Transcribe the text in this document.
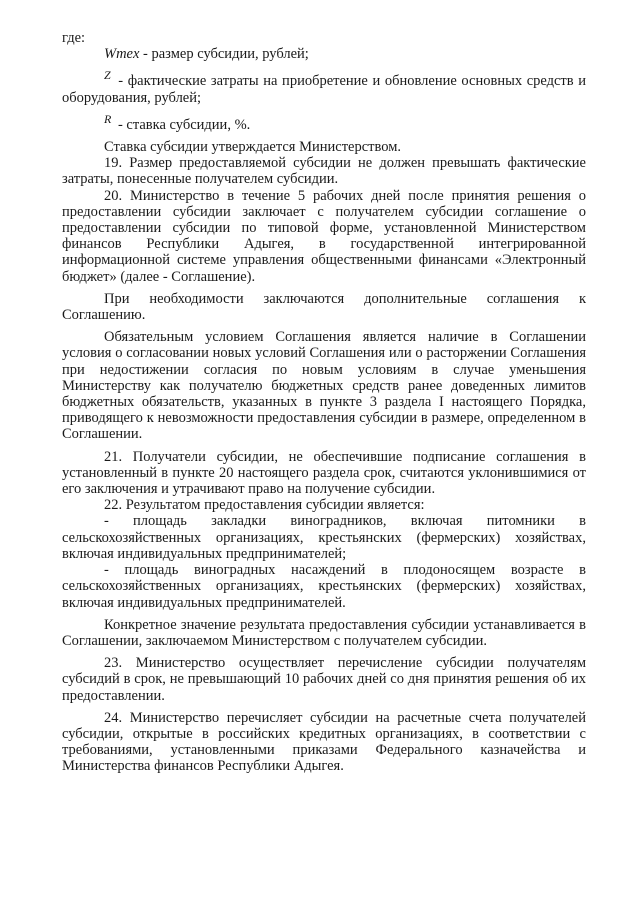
где:

Wmex - размер субсидии, рублей;

Z - фактические затраты на приобретение и обновление основных средств и оборудования, рублей;

R - ставка субсидии, %.

Ставка субсидии утверждается Министерством.

19. Размер предоставляемой субсидии не должен превышать фактические затраты, понесенные получателем субсидии.

20. Министерство в течение 5 рабочих дней после принятия решения о предоставлении субсидии заключает с получателем субсидии соглашение о предоставлении субсидии по типовой форме, установленной Министерством финансов Республики Адыгея, в государственной интегрированной информационной системе управления общественными финансами «Электронный бюджет» (далее - Соглашение).

При необходимости заключаются дополнительные соглашения к Соглашению.

Обязательным условием Соглашения является наличие в Соглашении условия о согласовании новых условий Соглашения или о расторжении Соглашения при недостижении согласия по новым условиям в случае уменьшения Министерству как получателю бюджетных средств ранее доведенных лимитов бюджетных обязательств, указанных в пункте 3 раздела I настоящего Порядка, приводящего к невозможности предоставления субсидии в размере, определенном в Соглашении.

21. Получатели субсидии, не обеспечившие подписание соглашения в установленный в пункте 20 настоящего раздела срок, считаются уклонившимися от его заключения и утрачивают право на получение субсидии.

22. Результатом предоставления субсидии является:

- площадь закладки виноградников, включая питомники в сельскохозяйственных организациях, крестьянских (фермерских) хозяйствах, включая индивидуальных предпринимателей;

- площадь виноградных насаждений в плодоносящем возрасте в сельскохозяйственных организациях, крестьянских (фермерских) хозяйствах, включая индивидуальных предпринимателей.

Конкретное значение результата предоставления субсидии устанавливается в Соглашении, заключаемом Министерством с получателем субсидии.

23. Министерство осуществляет перечисление субсидии получателям субсидий в срок, не превышающий 10 рабочих дней со дня принятия решения об их предоставлении.

24. Министерство перечисляет субсидии на расчетные счета получателей субсидии, открытые в российских кредитных организациях, в соответствии с требованиями, установленными приказами Федерального казначейства и Министерства финансов Республики Адыгея.
